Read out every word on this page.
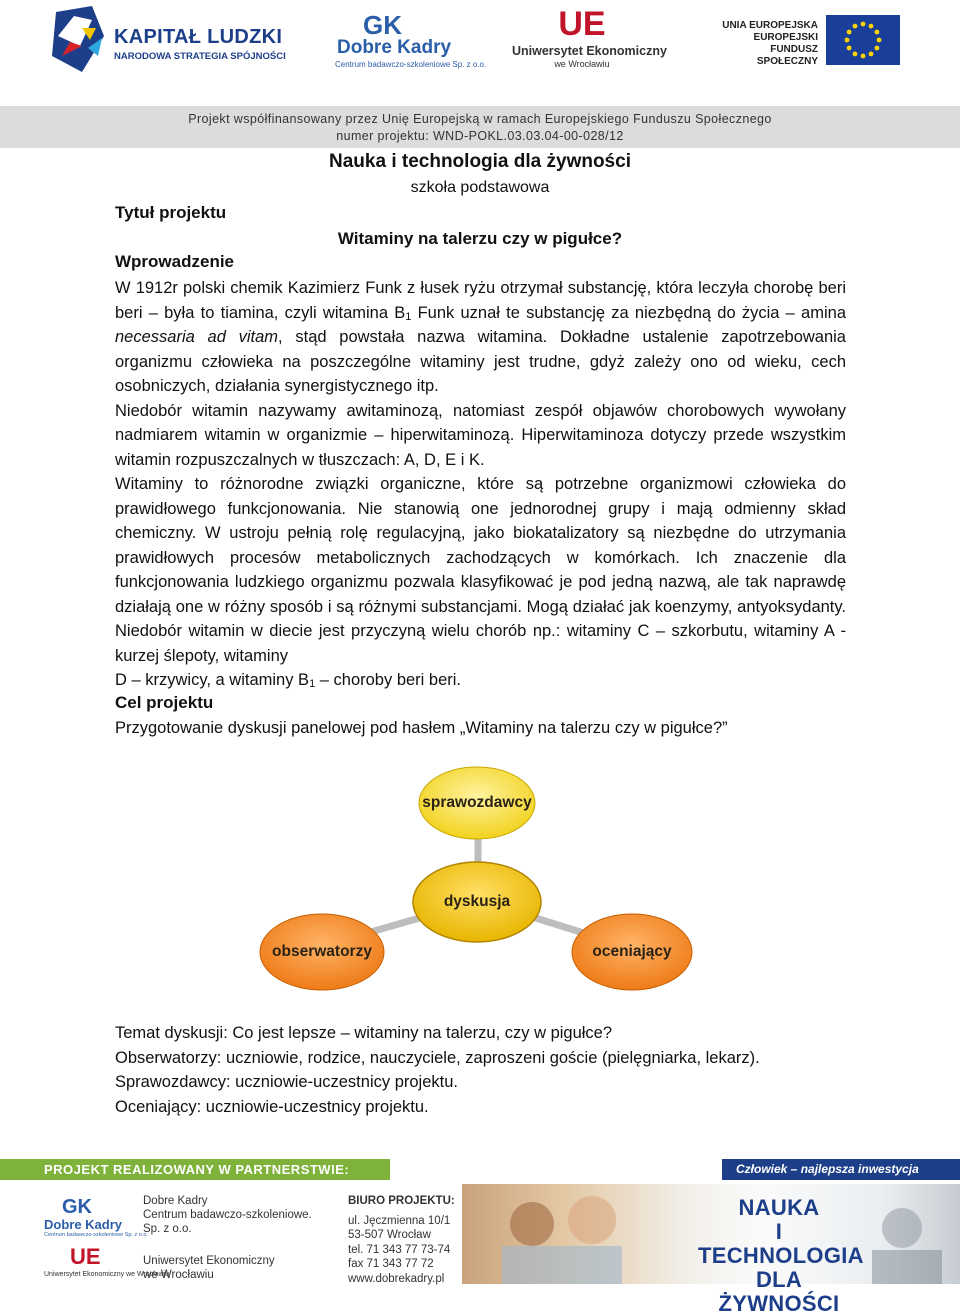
KAPITAŁ LUDZKI
NARODOWA STRATEGIA SPÓJNOŚCI
GK
Dobre Kadry
Centrum badawczo-szkoleniowe Sp. z o.o.
UE
Uniwersytet Ekonomiczny
we Wrocławiu
UNIA EUROPEJSKA
EUROPEJSKI
FUNDUSZ SPOŁECZNY
Projekt współfinansowany przez Unię Europejską w ramach Europejskiego Funduszu Społecznego
numer projektu: WND-POKL.03.03.04-00-028/12
Nauka i technologia dla żywności
szkoła podstawowa
Tytuł projektu
Witaminy na talerzu czy w pigułce?
Wprowadzenie

W 1912r polski chemik Kazimierz Funk z łusek ryżu otrzymał substancję, która leczyła chorobę beri beri – była to tiamina, czyli witamina $B_1$ Funk uznał te substancję za niezbędną do życia – amina necessaria ad vitam, stąd powstała nazwa witamina. Dokładne ustalenie zapotrzebowania organizmu człowieka na poszczególne witaminy jest trudne, gdyż zależy ono od wieku, cech osobniczych, działania synergistycznego itp.

Niedobór witamin nazywamy awitaminozą, natomiast zespół objawów chorobowych wywołany nadmiarem witamin w organizmie – hiperwitaminozą. Hiperwitaminoza dotyczy przede wszystkim witamin rozpuszczalnych w tłuszczach: A, D, E i K.

Witaminy to różnorodne związki organiczne, które są potrzebne organizmowi człowieka do prawidłowego funkcjonowania. Nie stanowią one jednorodnej grupy i mają odmienny skład chemiczny. W ustroju pełnią rolę regulacyjną, jako biokatalizatory są niezbędne do utrzymania prawidłowych procesów metabolicznych zachodzących w komórkach. Ich znaczenie dla funkcjonowania ludzkiego organizmu pozwala klasyfikować je pod jedną nazwą, ale tak naprawdę działają one w różny sposób i są różnymi substancjami. Mogą działać jak koenzymy, antyoksydanty. Niedobór witamin w diecie jest przyczyną wielu chorób np.: witaminy C – szkorbutu, witaminy A - kurzej ślepoty, witaminy
D – krzywicy, a witaminy $B_1$ – choroby beri beri.

Cel projektu
Przygotowanie dyskusji panelowej pod hasłem „Witaminy na talerzu czy w pigułce?”
sprawozdawcy
dyskusja
obserwatorzy	oceniający
Temat dyskusji: Co jest lepsze – witaminy na talerzu, czy w pigułce?
Obserwatorzy: uczniowie, rodzice, nauczyciele, zaproszeni goście (pielęgniarka, lekarz).
Sprawozdawcy: uczniowie-uczestnicy projektu.
Oceniający: uczniowie-uczestnicy projektu.
PROJEKT REALIZOWANY W PARTNERSTWIE:	Człowiek – najlepsza inwestycja
GK
Dobre Kadry
Centrum badawczo-szkoleniowe Sp. z o.o.
UE
Uniwersytet Ekonomiczny we Wrocławiu
Dobre Kadry
Centrum badawczo-szkoleniowe.
Sp. z o.o.
Uniwersytet Ekonomiczny
we Wrocławiu
BIURO PROJEKTU:
ul. Jęczmienna 10/1
53-507 Wrocław
tel. 71 343 77 73-74
fax 71 343 77 72
www.dobrekadry.pl
NAUKA
I TECHNOLOGIA
DLA ŻYWNOŚCI
